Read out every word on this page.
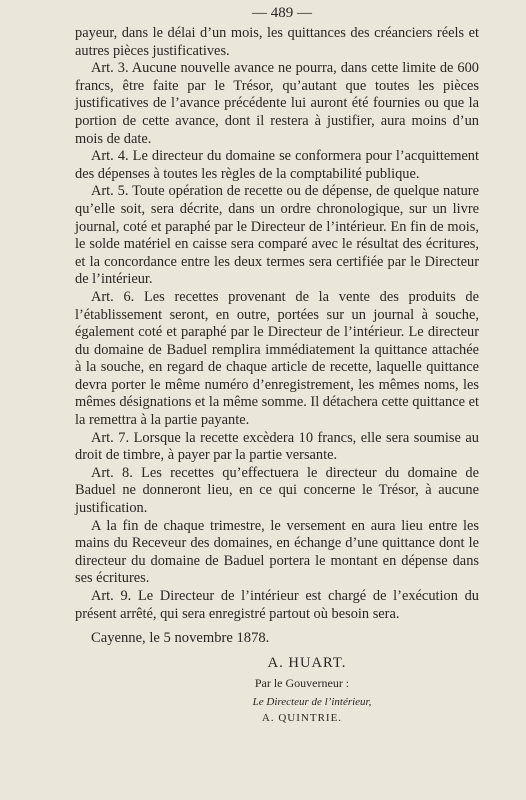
— 489 —

payeur, dans le délai d’un mois, les quittances des créanciers réels et autres pièces justificatives.

Art. 3. Aucune nouvelle avance ne pourra, dans cette limite de 600 francs, être faite par le Trésor, qu’autant que toutes les pièces justificatives de l’avance précédente lui auront été fournies ou que la portion de cette avance, dont il restera à justifier, aura moins d’un mois de date.

Art. 4. Le directeur du domaine se conformera pour l’acquittement des dépenses à toutes les règles de la comptabilité publique.

Art. 5. Toute opération de recette ou de dépense, de quelque nature qu’elle soit, sera décrite, dans un ordre chronologique, sur un livre journal, coté et paraphé par le Directeur de l’intérieur. En fin de mois, le solde matériel en caisse sera comparé avec le résultat des écritures, et la concordance entre les deux termes sera certifiée par le Directeur de l’intérieur.

Art. 6. Les recettes provenant de la vente des produits de l’établissement seront, en outre, portées sur un journal à souche, également coté et paraphé par le Directeur de l’intérieur. Le directeur du domaine de Baduel remplira immédiatement la quittance attachée à la souche, en regard de chaque article de recette, laquelle quittance devra porter le même numéro d’enregistrement, les mêmes noms, les mêmes désignations et la même somme. Il détachera cette quittance et la remettra à la partie payante.

Art. 7. Lorsque la recette excèdera 10 francs, elle sera soumise au droit de timbre, à payer par la partie versante.

Art. 8. Les recettes qu’effectuera le directeur du domaine de Baduel ne donneront lieu, en ce qui concerne le Trésor, à aucune justification.

A la fin de chaque trimestre, le versement en aura lieu entre les mains du Receveur des domaines, en échange d’une quittance dont le directeur du domaine de Baduel portera le montant en dépense dans ses écritures.

Art. 9. Le Directeur de l’intérieur est chargé de l’exécution du présent arrêté, qui sera enregistré partout où besoin sera.

Cayenne, le 5 novembre 1878.
A. HUART.
Par le Gouverneur :
Le Directeur de l’intérieur,
A. QUINTRIE.
